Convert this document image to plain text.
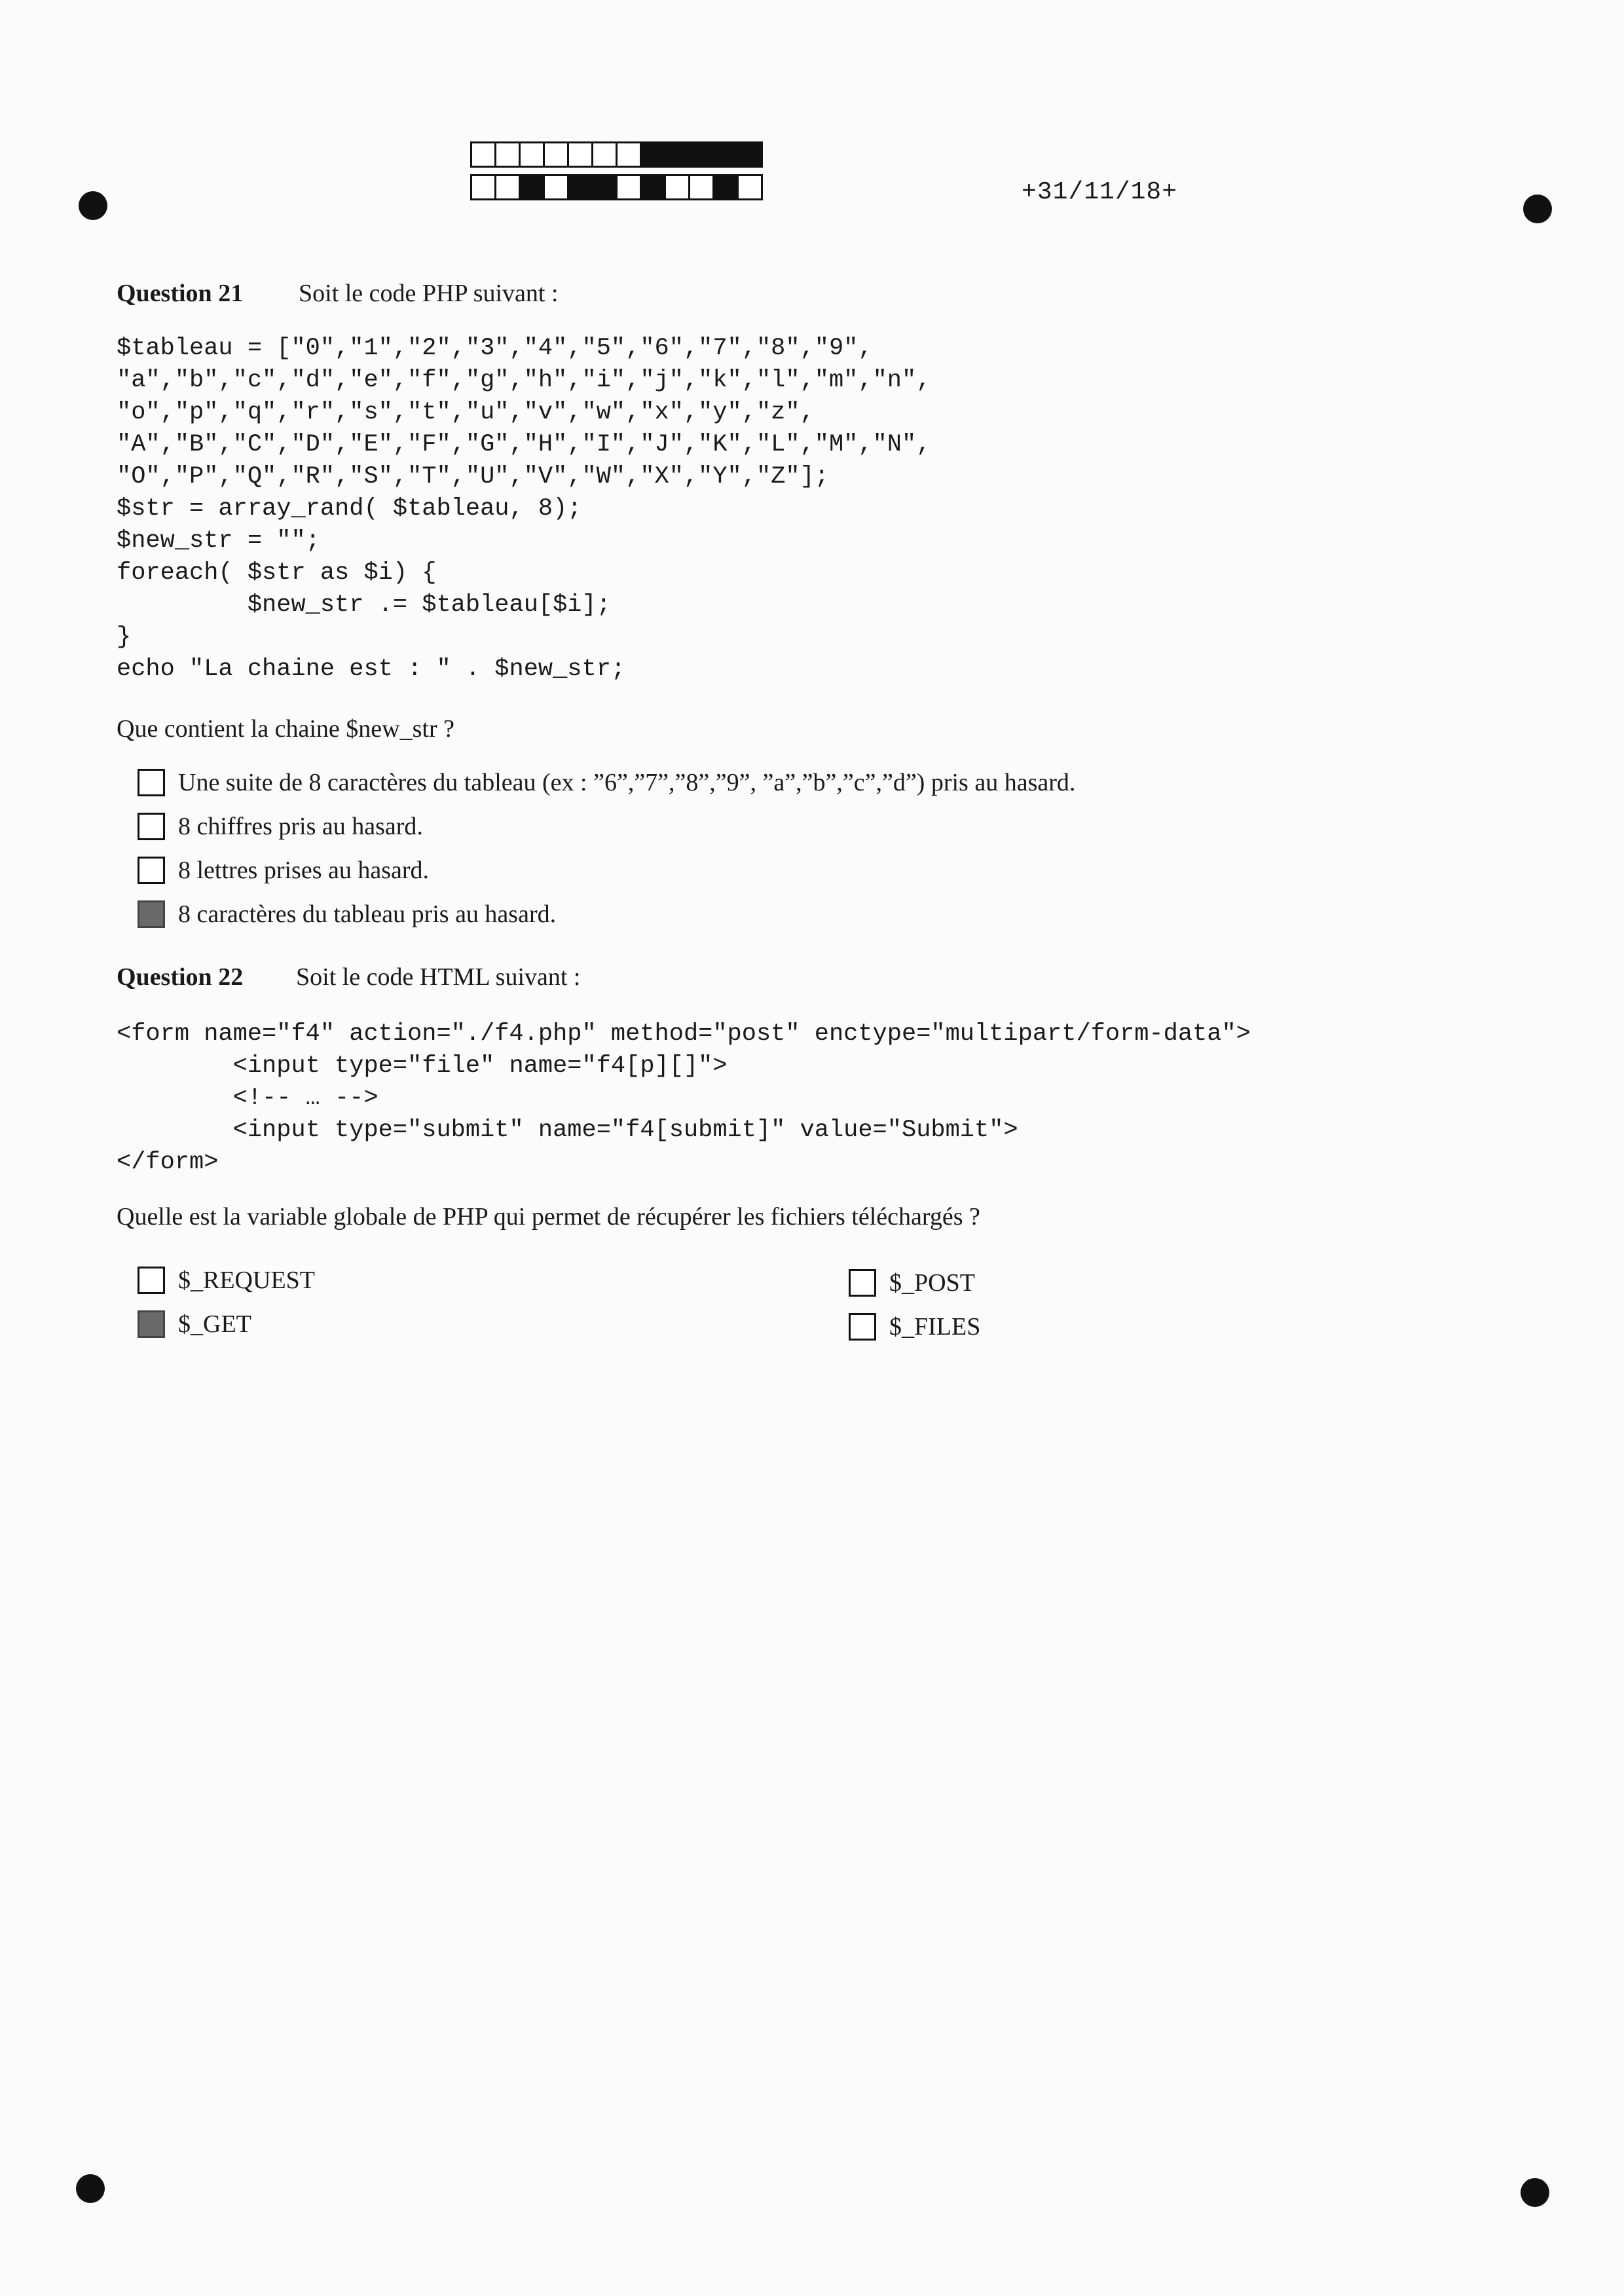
+31/11/18+
Question 21 Soit le code PHP suivant :
$tableau = ["0","1","2","3","4","5","6","7","8","9",
"a","b","c","d","e","f","g","h","i","j","k","l","m","n",
"o","p","q","r","s","t","u","v","w","x","y","z",
"A","B","C","D","E","F","G","H","I","J","K","L","M","N",
"O","P","Q","R","S","T","U","V","W","X","Y","Z"];
$str = array_rand( $tableau, 8);
$new_str = "";
foreach( $str as $i) {
$new_str .= $tableau[$i];
}
echo "La chaine est : " . $new_str;
Que contient la chaine $new_str ?
Une suite de 8 caractères du tableau (ex : ”6”,”7”,”8”,”9”, ”a”,”b”,”c”,”d”) pris au hasard.
8 chiffres pris au hasard.
8 lettres prises au hasard.
8 caractères du tableau pris au hasard.
Question 22 Soit le code HTML suivant :
<form name="f4" action="./f4.php" method="post" enctype="multipart/form-data">
<input type="file" name="f4[p][]">
<!-- … -->
<input type="submit" name="f4[submit]" value="Submit">
</form>
Quelle est la variable globale de PHP qui permet de récupérer les fichiers téléchargés ?
$_REQUEST
$_GET
$_POST
$_FILES
